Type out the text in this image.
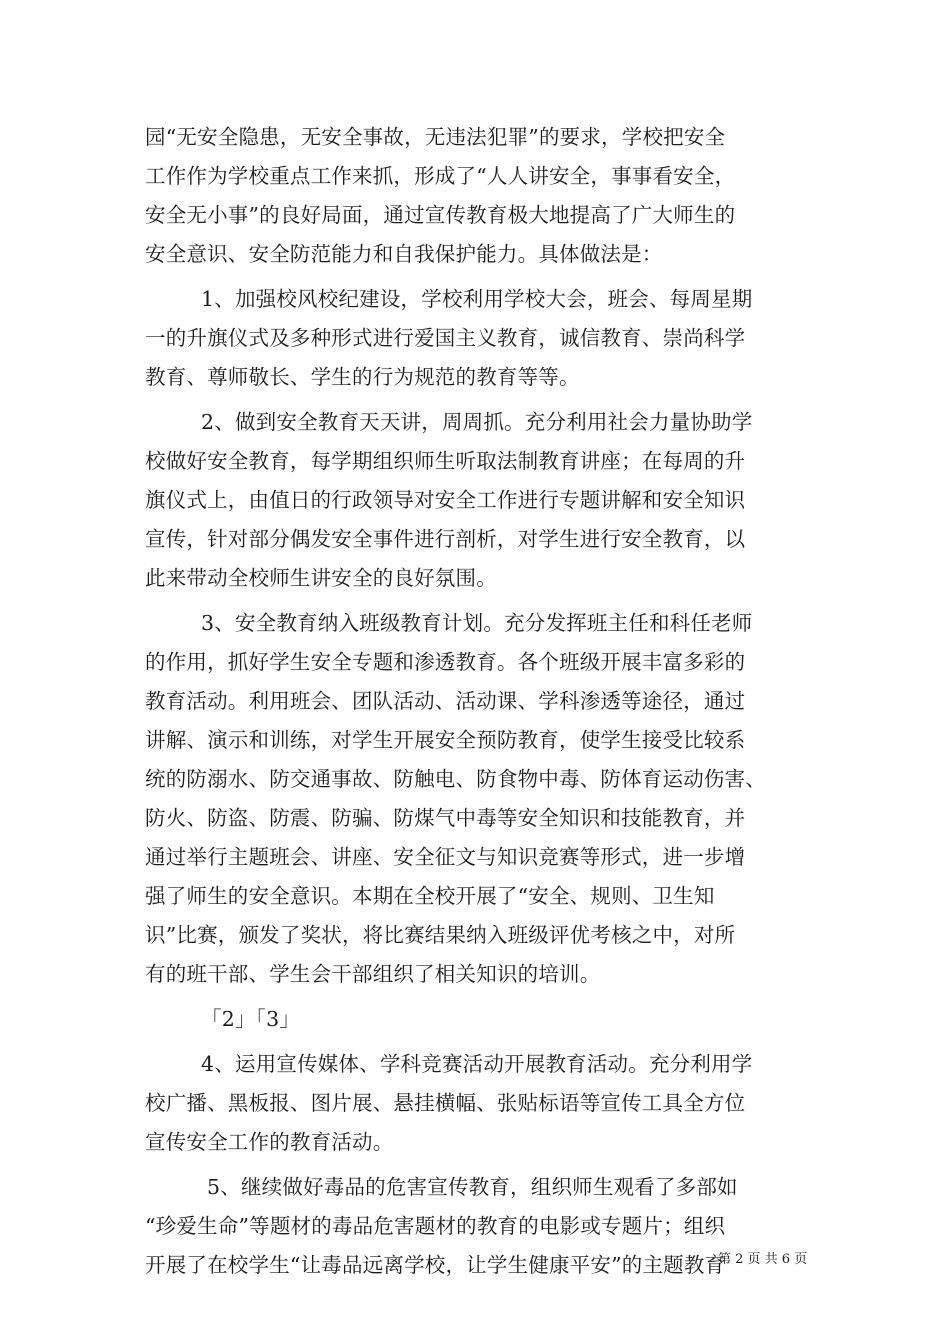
园“无安全隐患，无安全事故，无违法犯罪”的要求，学校把安全
工作作为学校重点工作来抓，形成了“人人讲安全，事事看安全，
安全无小事”的良好局面，通过宣传教育极大地提高了广大师生的
安全意识、安全防范能力和自我保护能力。具体做法是：
1、加强校风校纪建设，学校利用学校大会，班会、每周星期
一的升旗仪式及多种形式进行爱国主义教育，诚信教育、崇尚科学
教育、尊师敬长、学生的行为规范的教育等等。
2、做到安全教育天天讲，周周抓。充分利用社会力量协助学
校做好安全教育，每学期组织师生听取法制教育讲座；在每周的升
旗仪式上，由值日的行政领导对安全工作进行专题讲解和安全知识
宣传，针对部分偶发安全事件进行剖析，对学生进行安全教育，以
此来带动全校师生讲安全的良好氛围。
3、安全教育纳入班级教育计划。充分发挥班主任和科任老师
的作用，抓好学生安全专题和渗透教育。各个班级开展丰富多彩的
教育活动。利用班会、团队活动、活动课、学科渗透等途径，通过
讲解、演示和训练，对学生开展安全预防教育，使学生接受比较系
统的防溺水、防交通事故、防触电、防食物中毒、防体育运动伤害、
防火、防盗、防震、防骗、防煤气中毒等安全知识和技能教育，并
通过举行主题班会、讲座、安全征文与知识竞赛等形式，进一步增
强了师生的安全意识。本期在全校开展了“安全、规则、卫生知
识”比赛，颁发了奖状，将比赛结果纳入班级评优考核之中，对所
有的班干部、学生会干部组织了相关知识的培训。
「2」「3」
4、运用宣传媒体、学科竞赛活动开展教育活动。充分利用学
校广播、黑板报、图片展、悬挂横幅、张贴标语等宣传工具全方位
宣传安全工作的教育活动。
5、继续做好毒品的危害宣传教育，组织师生观看了多部如
“珍爱生命”等题材的毒品危害题材的教育的电影或专题片；组织
开展了在校学生“让毒品远离学校，让学生健康平安”的主题教育
第 2 页 共 6 页
